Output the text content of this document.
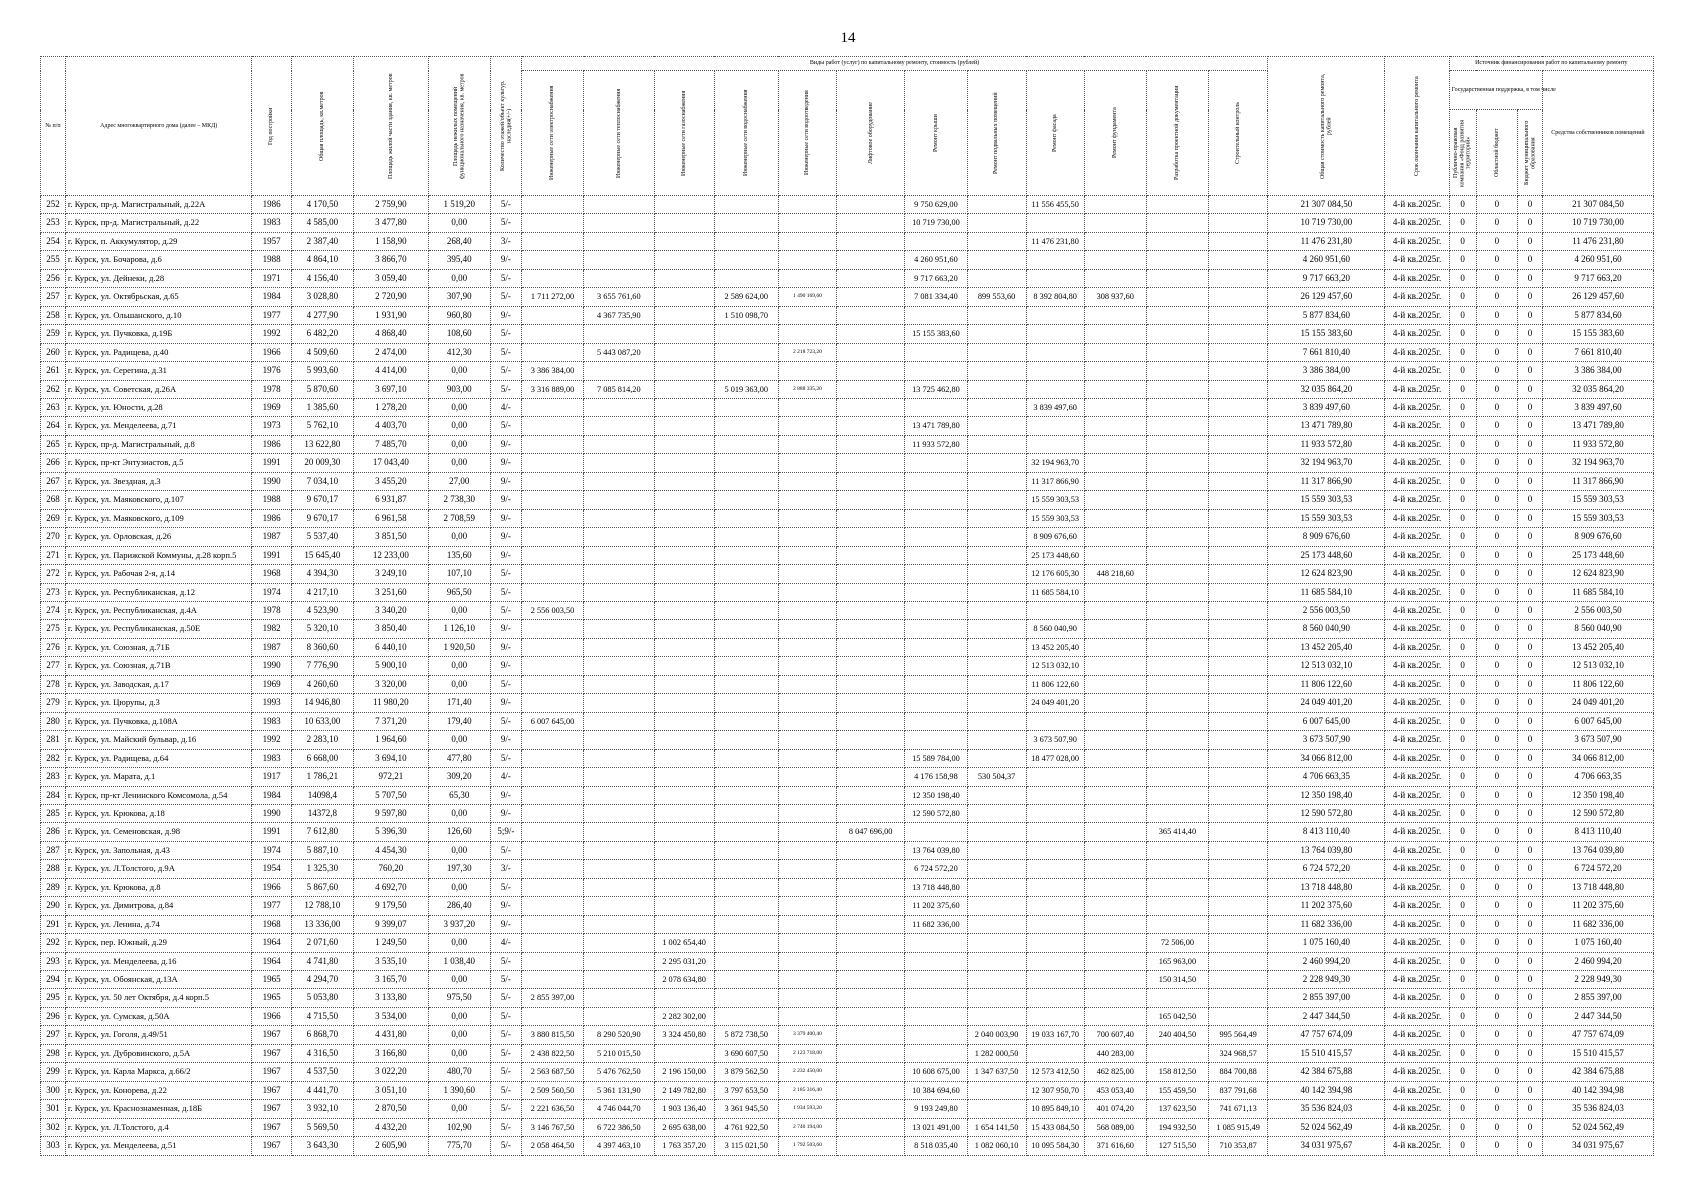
14
№ п/п	Адрес многоквартирного дома (далее – МКД)	Год постройки	Общая площадь, кв.метров	Площадь жилой части здания, кв. метров	Площадь нежилых помещений функционального назначения, кв. метров	Количество этажей/объект культур. наследия(+/-)	Виды работ (услуг) по капитальному ремонту, стоимость (рублей)												Общая стоимость капитального ремонта, рублей	Срок окончания капитального ремонта	Источник финансирования работ по капитальному ремонту			

							Инженерные сети электроснабжения	Инженерные сети теплоснабжения	Инженерные сети газоснабжения	Инженерные сети водоснабжения	Инженерные сети водоотведения	Лифтовое оборудование	Ремонт крыши	Ремонт подвальных помещений	Ремонт фасада	Ремонт фундамента	Разработка проектной документации	Строительный контроль			Государственная поддержка, в том числе			Средства собственников помещений

																					Публично-правовая компания «Фонд развития территорий»	Областной бюджет	Бюджет муниципального образования	

252	г. Курск, пр-д. Магистральный, д.22А	1986	4 170,50	2 759,90	1 519,20	5/-							9 750 629,00		11 556 455,50				21 307 084,50	4-й кв.2025г.	0	0	0	21 307 084,50
253	г. Курск, пр-д. Магистральный, д.22	1983	4 585,00	3 477,80	0,00	5/-							10 719 730,00						10 719 730,00	4-й кв.2025г.	0	0	0	10 719 730,00
254	г. Курск, п. Аккумулятор, д.29	1957	2 387,40	1 158,90	268,40	3/-									11 476 231,80				11 476 231,80	4-й кв.2025г.	0	0	0	11 476 231,80
255	г. Курск, ул. Бочарова, д.6	1988	4 864,10	3 866,70	395,40	9/-							4 260 951,60						4 260 951,60	4-й кв.2025г.	0	0	0	4 260 951,60
256	г. Курск, ул. Дейнеки, д.28	1971	4 156,40	3 059,40	0,00	5/-							9 717 663,20						9 717 663,20	4-й кв.2025г.	0	0	0	9 717 663,20
257	г. Курск, ул. Октябрьская, д.65	1984	3 028,80	2 720,90	307,90	5/-	1 711 272,00	3 655 761,60		2 589 624,00	1 490 169,60		7 081 334,40	899 553,60	8 392 804,80	308 937,60			26 129 457,60	4-й кв.2025г.	0	0	0	26 129 457,60
258	г. Курск, ул. Ольшанского, д.10	1977	4 277,90	1 931,90	960,80	9/-		4 367 735,90		1 510 098,70									5 877 834,60	4-й кв.2025г.	0	0	0	5 877 834,60
259	г. Курск, ул. Пучковка, д.19Б	1992	6 482,20	4 868,40	108,60	5/-							15 155 383,60						15 155 383,60	4-й кв.2025г.	0	0	0	15 155 383,60
260	г. Курск, ул. Радищева, д.40	1966	4 509,60	2 474,00	412,30	5/-		5 443 087,20			2 218 723,20								7 661 810,40	4-й кв.2025г.	0	0	0	7 661 810,40
261	г. Курск, ул. Серегина, д.31	1976	5 993,60	4 414,00	0,00	5/-	3 386 384,00												3 386 384,00	4-й кв.2025г.	0	0	0	3 386 384,00
262	г. Курск, ул. Советская, д.26А	1978	5 870,60	3 697,10	903,00	5/-	3 316 889,00	7 085 814,20		5 019 363,00	2 888 335,20		13 725 462,80						32 035 864,20	4-й кв.2025г.	0	0	0	32 035 864,20
263	г. Курск, ул. Юности, д.28	1969	1 385,60	1 278,20	0,00	4/-									3 839 497,60				3 839 497,60	4-й кв.2025г.	0	0	0	3 839 497,60
264	г. Курск, ул. Менделеева, д.71	1973	5 762,10	4 403,70	0,00	5/-							13 471 789,80						13 471 789,80	4-й кв.2025г.	0	0	0	13 471 789,80
265	г. Курск, пр-д. Магистральный, д.8	1986	13 622,80	7 485,70	0,00	9/-							11 933 572,80						11 933 572,80	4-й кв.2025г.	0	0	0	11 933 572,80
266	г. Курск, пр-кт Энтузиастов, д.5	1991	20 009,30	17 043,40	0,00	9/-									32 194 963,70				32 194 963,70	4-й кв.2025г.	0	0	0	32 194 963,70
267	г. Курск, ул. Звездная, д.3	1990	7 034,10	3 455,20	27,00	9/-									11 317 866,90				11 317 866,90	4-й кв.2025г.	0	0	0	11 317 866,90
268	г. Курск, ул. Маяковского, д.107	1988	9 670,17	6 931,87	2 738,30	9/-									15 559 303,53				15 559 303,53	4-й кв.2025г.	0	0	0	15 559 303,53
269	г. Курск, ул. Маяковского, д.109	1986	9 670,17	6 961,58	2 708,59	9/-									15 559 303,53				15 559 303,53	4-й кв.2025г.	0	0	0	15 559 303,53
270	г. Курск, ул. Орловская, д.26	1987	5 537,40	3 851,50	0,00	9/-									8 909 676,60				8 909 676,60	4-й кв.2025г.	0	0	0	8 909 676,60
271	г. Курск, ул. Парижской Коммуны, д.28 корп.5	1991	15 645,40	12 233,00	135,60	9/-									25 173 448,60				25 173 448,60	4-й кв.2025г.	0	0	0	25 173 448,60
272	г. Курск, ул. Рабочая 2-я, д.14	1968	4 394,30	3 249,10	107,10	5/-									12 176 605,30	448 218,60			12 624 823,90	4-й кв.2025г.	0	0	0	12 624 823,90
273	г. Курск, ул. Республиканская, д.12	1974	4 217,10	3 251,60	965,50	5/-									11 685 584,10				11 685 584,10	4-й кв.2025г.	0	0	0	11 685 584,10
274	г. Курск, ул. Республиканская, д.4А	1978	4 523,90	3 340,20	0,00	5/-	2 556 003,50												2 556 003,50	4-й кв.2025г.	0	0	0	2 556 003,50
275	г. Курск, ул. Республиканская, д.50Е	1982	5 320,10	3 850,40	1 126,10	9/-									8 560 040,90				8 560 040,90	4-й кв.2025г.	0	0	0	8 560 040,90
276	г. Курск, ул. Союзная, д.71Б	1987	8 360,60	6 440,10	1 920,50	9/-									13 452 205,40				13 452 205,40	4-й кв.2025г.	0	0	0	13 452 205,40
277	г. Курск, ул. Союзная, д.71В	1990	7 776,90	5 900,10	0,00	9/-									12 513 032,10				12 513 032,10	4-й кв.2025г.	0	0	0	12 513 032,10
278	г. Курск, ул. Заводская, д.17	1969	4 260,60	3 320,00	0,00	5/-									11 806 122,60				11 806 122,60	4-й кв.2025г.	0	0	0	11 806 122,60
279	г. Курск, ул. Цюрупы, д.3	1993	14 946,80	11 980,20	171,40	9/-									24 049 401,20				24 049 401,20	4-й кв.2025г.	0	0	0	24 049 401,20
280	г. Курск, ул. Пучковка, д.108А	1983	10 633,00	7 371,20	179,40	5/-	6 007 645,00												6 007 645,00	4-й кв.2025г.	0	0	0	6 007 645,00
281	г. Курск, ул. Майский бульвар, д.16	1992	2 283,10	1 964,60	0,00	9/-									3 673 507,90				3 673 507,90	4-й кв.2025г.	0	0	0	3 673 507,90
282	г. Курск, ул. Радищева, д.64	1983	6 668,00	3 694,10	477,80	5/-							15 589 784,00		18 477 028,00				34 066 812,00	4-й кв.2025г.	0	0	0	34 066 812,00
283	г. Курск, ул. Марата, д.1	1917	1 786,21	972,21	309,20	4/-							4 176 158,98	530 504,37					4 706 663,35	4-й кв.2025г.	0	0	0	4 706 663,35
284	г. Курск, пр-кт Ленинского Комсомола, д.54	1984	14098,4	5 707,50	65,30	9/-							12 350 198,40						12 350 198,40	4-й кв.2025г.	0	0	0	12 350 198,40
285	г. Курск, ул. Крюкова, д.18	1990	14372,8	9 597,80	0,00	9/-							12 590 572,80						12 590 572,80	4-й кв.2025г.	0	0	0	12 590 572,80
286	г. Курск, ул. Семеновская, д.98	1991	7 612,80	5 396,30	126,60	5;9/-						8 047 696,00					365 414,40		8 413 110,40	4-й кв.2025г.	0	0	0	8 413 110,40
287	г. Курск, ул. Запольная, д.43	1974	5 887,10	4 454,30	0,00	5/-							13 764 039,80						13 764 039,80	4-й кв.2025г.	0	0	0	13 764 039,80
288	г. Курск, ул. Л.Толстого, д.9А	1954	1 325,30	760,20	197,30	3/-							6 724 572,20						6 724 572,20	4-й кв.2025г.	0	0	0	6 724 572,20
289	г. Курск, ул. Крюкова, д.8	1966	5 867,60	4 692,70	0,00	5/-							13 718 448,80						13 718 448,80	4-й кв.2025г.	0	0	0	13 718 448,80
290	г. Курск, ул. Димитрова, д.84	1977	12 788,10	9 179,50	286,40	9/-							11 202 375,60						11 202 375,60	4-й кв.2025г.	0	0	0	11 202 375,60
291	г. Курск, ул. Ленина, д.74	1968	13 336,00	9 399,07	3 937,20	9/-							11 682 336,00						11 682 336,00	4-й кв.2025г.	0	0	0	11 682 336,00
292	г. Курск, пер. Южный, д.29	1964	2 071,60	1 249,50	0,00	4/-			1 002 654,40								72 506,00		1 075 160,40	4-й кв.2025г.	0	0	0	1 075 160,40
293	г. Курск, ул. Менделеева, д.16	1964	4 741,80	3 535,10	1 038,40	5/-			2 295 031,20								165 963,00		2 460 994,20	4-й кв.2025г.	0	0	0	2 460 994,20
294	г. Курск, ул. Обоянская, д.13А	1965	4 294,70	3 165,70	0,00	5/-			2 078 634,80								150 314,50		2 228 949,30	4-й кв.2025г.	0	0	0	2 228 949,30
295	г. Курск, ул. 50 лет Октября, д.4 корп.5	1965	5 053,80	3 133,80	975,50	5/-	2 855 397,00												2 855 397,00	4-й кв.2025г.	0	0	0	2 855 397,00
296	г. Курск, ул. Сумская, д.50А	1966	4 715,50	3 534,00	0,00	5/-			2 282 302,00								165 042,50		2 447 344,50	4-й кв.2025г.	0	0	0	2 447 344,50
297	г. Курск, ул. Гоголя, д.49/51	1967	6 868,70	4 431,80	0,00	5/-	3 880 815,50	8 290 520,90	3 324 450,80	5 872 738,50	3 379 400,40			2 040 003,90	19 033 167,70	700 607,40	240 404,50	995 564,49	47 757 674,09	4-й кв.2025г.	0	0	0	47 757 674,09
298	г. Курск, ул. Дубровинского, д.5А	1967	4 316,50	3 166,80	0,00	5/-	2 438 822,50	5 210 015,50		3 690 607,50	2 123 718,00			1 282 000,50		440 283,00		324 968,57	15 510 415,57	4-й кв.2025г.	0	0	0	15 510 415,57
299	г. Курск, ул. Карла Маркса, д.66/2	1967	4 537,50	3 022,20	480,70	5/-	2 563 687,50	5 476 762,50	2 196 150,00	3 879 562,50	2 232 450,00		10 608 675,00	1 347 637,50	12 573 412,50	462 825,00	158 812,50	884 700,88	42 384 675,88	4-й кв.2025г.	0	0	0	42 384 675,88
300	г. Курск, ул. Конорева, д.22	1967	4 441,70	3 051,10	1 390,60	5/-	2 509 560,50	5 361 131,90	2 149 782,80	3 797 653,50	2 185 316,40		10 384 694,60		12 307 950,70	453 053,40	155 459,50	837 791,68	40 142 394,98	4-й кв.2025г.	0	0	0	40 142 394,98
301	г. Курск, ул. Краснознаменная, д.18Б	1967	3 932,10	2 870,50	0,00	5/-	2 221 636,50	4 746 044,70	1 903 136,40	3 361 945,50	1 934 593,20		9 193 249,80		10 895 849,10	401 074,20	137 623,50	741 671,13	35 536 824,03	4-й кв.2025г.	0	0	0	35 536 824,03
302	г. Курск, ул. Л.Толстого, д.4	1967	5 569,50	4 432,20	102,90	5/-	3 146 767,50	6 722 386,50	2 695 638,00	4 761 922,50	2 740 194,00		13 021 491,00	1 654 141,50	15 433 084,50	568 089,00	194 932,50	1 085 915,49	52 024 562,49	4-й кв.2025г.	0	0	0	52 024 562,49
303	г. Курск, ул. Менделеева, д.51	1967	3 643,30	2 605,90	775,70	5/-	2 058 464,50	4 397 463,10	1 763 357,20	3 115 021,50	1 792 503,60		8 518 035,40	1 082 060,10	10 095 584,30	371 616,60	127 515,50	710 353,87	34 031 975,67	4-й кв.2025г.	0	0	0	34 031 975,67
